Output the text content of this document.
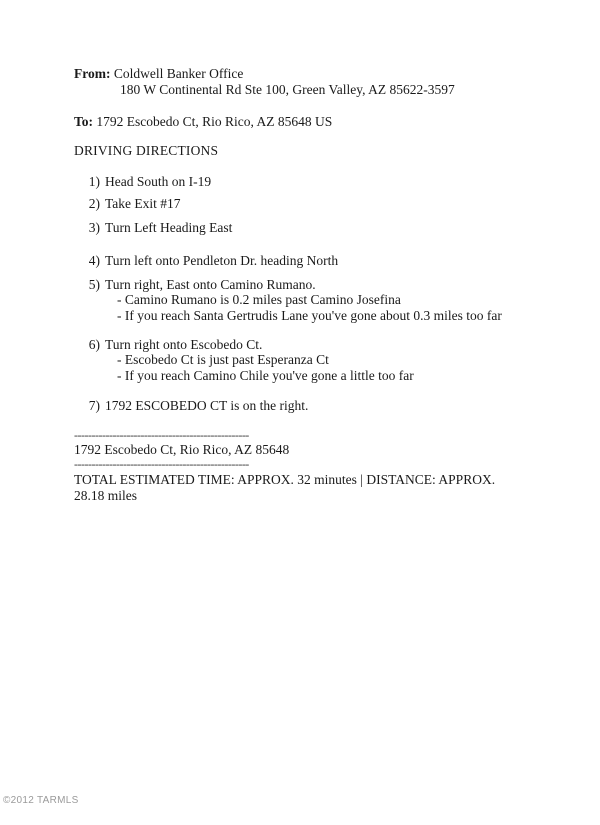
From: Coldwell Banker Office
180 W Continental Rd Ste 100, Green Valley, AZ 85622-3597
To: 1792 Escobedo Ct, Rio Rico, AZ 85648 US
DRIVING DIRECTIONS
1) Head South on I-19
2) Take Exit #17
3) Turn Left Heading East
4) Turn left onto Pendleton Dr. heading North
5) Turn right, East onto Camino Rumano.
- Camino Rumano is 0.2 miles past Camino Josefina
- If you reach Santa Gertrudis Lane you've gone about 0.3 miles too far
6) Turn right onto Escobedo Ct.
- Escobedo Ct is just past Esperanza Ct
- If you reach Camino Chile you've gone a little too far
7) 1792 ESCOBEDO CT is on the right.
--------------------------------------------------
1792 Escobedo Ct, Rio Rico, AZ 85648
--------------------------------------------------
TOTAL ESTIMATED TIME: APPROX. 32 minutes | DISTANCE: APPROX.
28.18 miles
©2012 TARMLS
